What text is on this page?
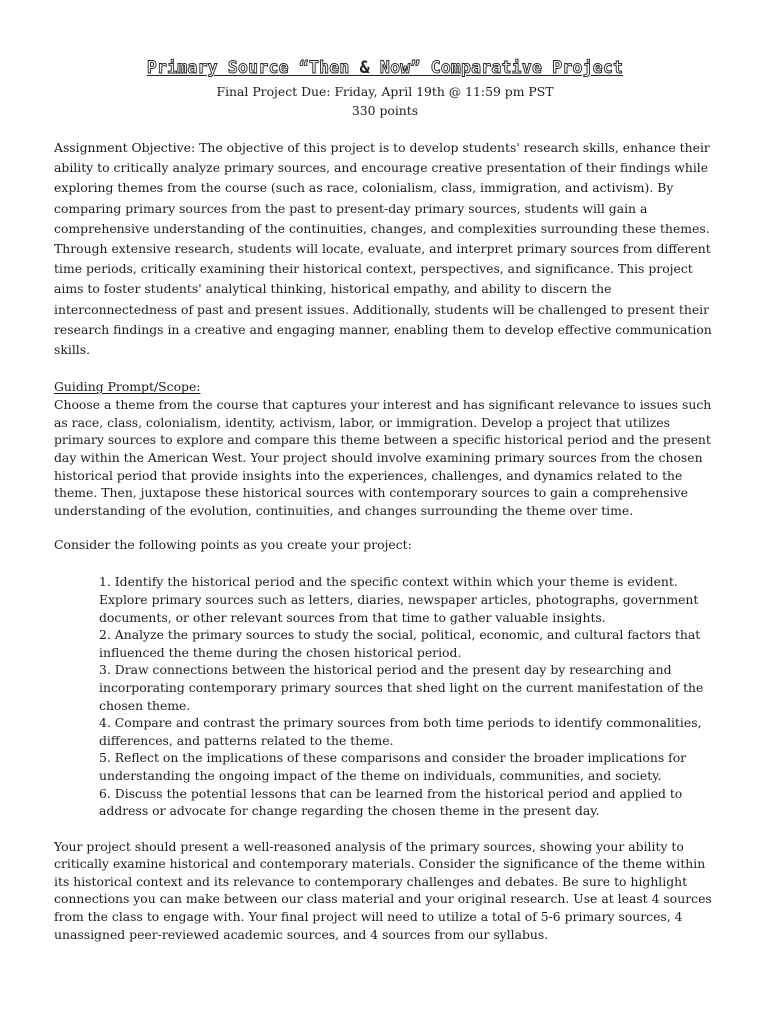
Primary Source “Then & Now” Comparative Project
Final Project Due: Friday, April 19th @ 11:59 pm PST
330 points
Assignment Objective: The objective of this project is to develop students' research skills, enhance their ability to critically analyze primary sources, and encourage creative presentation of their findings while exploring themes from the course (such as race, colonialism, class, immigration, and activism). By comparing primary sources from the past to present-day primary sources, students will gain a comprehensive understanding of the continuities, changes, and complexities surrounding these themes. Through extensive research, students will locate, evaluate, and interpret primary sources from different time periods, critically examining their historical context, perspectives, and significance. This project aims to foster students' analytical thinking, historical empathy, and ability to discern the interconnectedness of past and present issues. Additionally, students will be challenged to present their research findings in a creative and engaging manner, enabling them to develop effective communication skills.
Guiding Prompt/Scope:
Choose a theme from the course that captures your interest and has significant relevance to issues such as race, class, colonialism, identity, activism, labor, or immigration. Develop a project that utilizes primary sources to explore and compare this theme between a specific historical period and the present day within the American West. Your project should involve examining primary sources from the chosen historical period that provide insights into the experiences, challenges, and dynamics related to the theme. Then, juxtapose these historical sources with contemporary sources to gain a comprehensive understanding of the evolution, continuities, and changes surrounding the theme over time.
Consider the following points as you create your project:
1. Identify the historical period and the specific context within which your theme is evident. Explore primary sources such as letters, diaries, newspaper articles, photographs, government documents, or other relevant sources from that time to gather valuable insights.
2. Analyze the primary sources to study the social, political, economic, and cultural factors that influenced the theme during the chosen historical period.
3. Draw connections between the historical period and the present day by researching and incorporating contemporary primary sources that shed light on the current manifestation of the chosen theme.
4. Compare and contrast the primary sources from both time periods to identify commonalities, differences, and patterns related to the theme.
5. Reflect on the implications of these comparisons and consider the broader implications for understanding the ongoing impact of the theme on individuals, communities, and society.
6. Discuss the potential lessons that can be learned from the historical period and applied to address or advocate for change regarding the chosen theme in the present day.
Your project should present a well-reasoned analysis of the primary sources, showing your ability to critically examine historical and contemporary materials. Consider the significance of the theme within its historical context and its relevance to contemporary challenges and debates. Be sure to highlight connections you can make between our class material and your original research. Use at least 4 sources from the class to engage with. Your final project will need to utilize a total of 5-6 primary sources, 4 unassigned peer-reviewed academic sources, and 4 sources from our syllabus.
